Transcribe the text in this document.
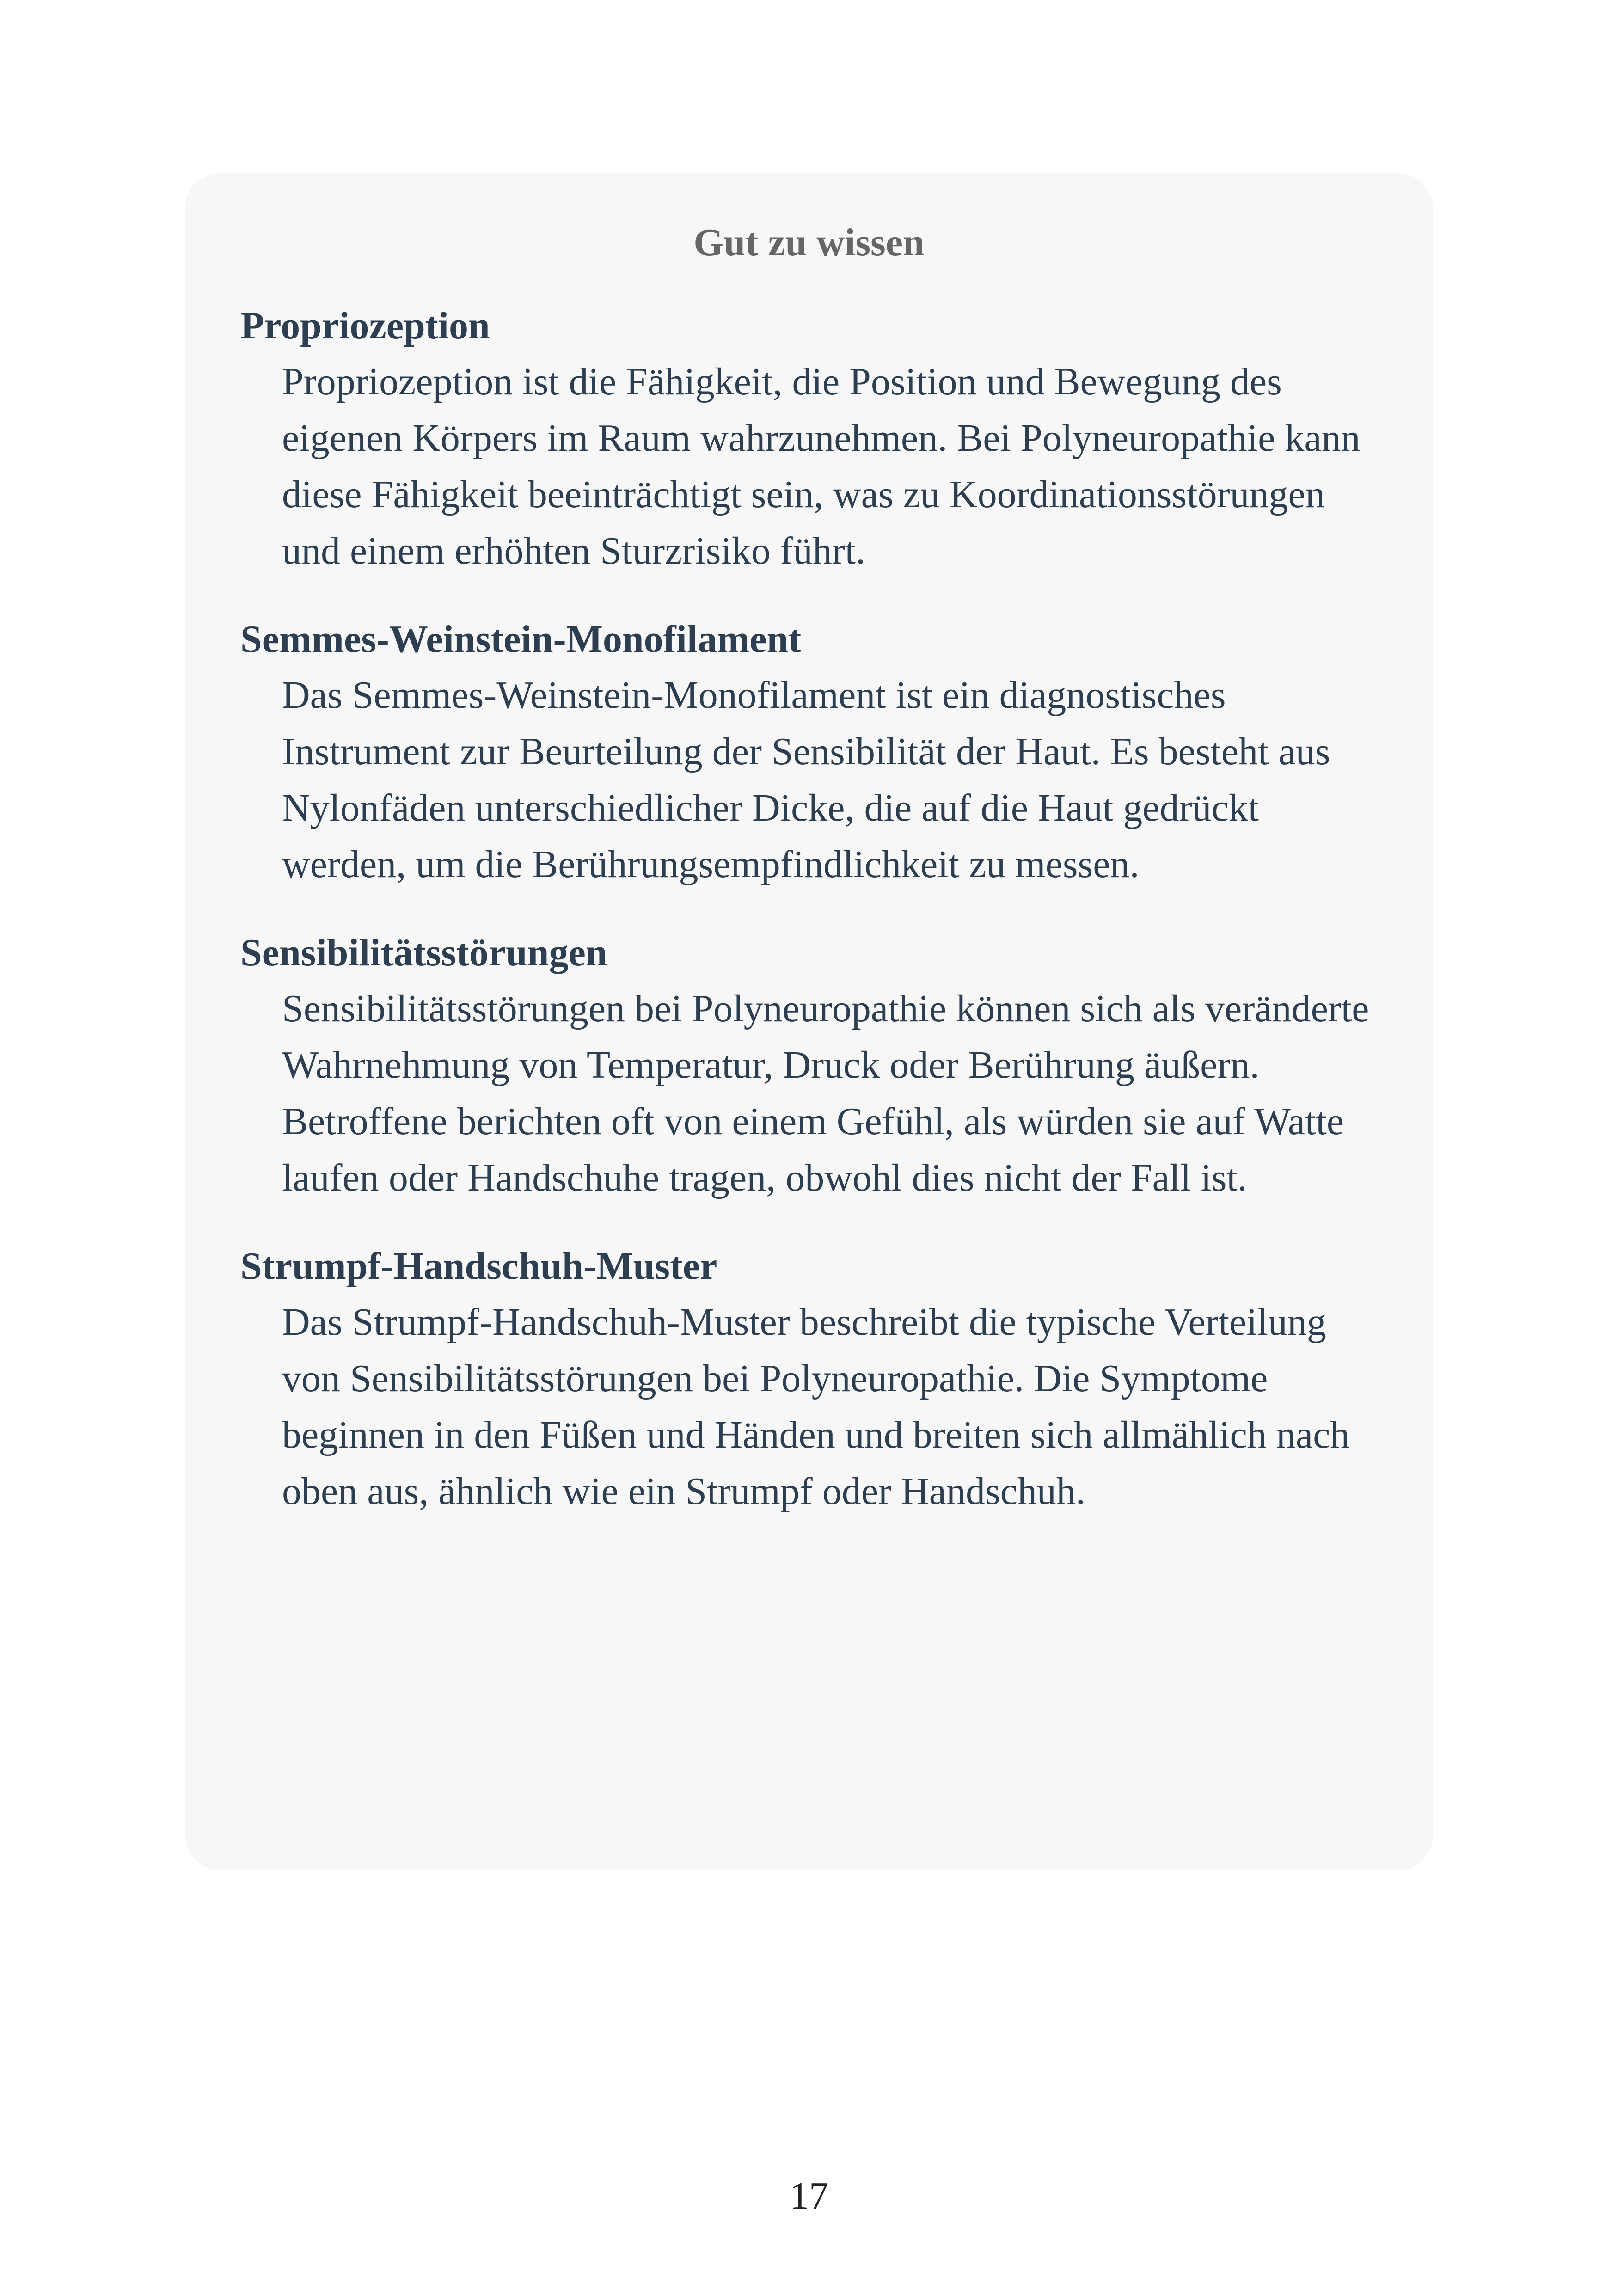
Gut zu wissen
Propriozeption
Propriozeption ist die Fähigkeit, die Position und Bewegung des eigenen Körpers im Raum wahrzunehmen. Bei Polyneuropathie kann diese Fähigkeit beeinträchtigt sein, was zu Koordinationsstörungen und einem erhöhten Sturzrisiko führt.
Semmes-Weinstein-Monofilament
Das Semmes-Weinstein-Monofilament ist ein diagnostisches Instrument zur Beurteilung der Sensibilität der Haut. Es besteht aus Nylonfäden unterschiedlicher Dicke, die auf die Haut gedrückt werden, um die Berührungsempfindlichkeit zu messen.
Sensibilitätsstörungen
Sensibilitätsstörungen bei Polyneuropathie können sich als veränderte Wahrnehmung von Temperatur, Druck oder Berührung äußern. Betroffene berichten oft von einem Gefühl, als würden sie auf Watte laufen oder Handschuhe tragen, obwohl dies nicht der Fall ist.
Strumpf-Handschuh-Muster
Das Strumpf-Handschuh-Muster beschreibt die typische Verteilung von Sensibilitätsstörungen bei Polyneuropathie. Die Symptome beginnen in den Füßen und Händen und breiten sich allmählich nach oben aus, ähnlich wie ein Strumpf oder Handschuh.
17
